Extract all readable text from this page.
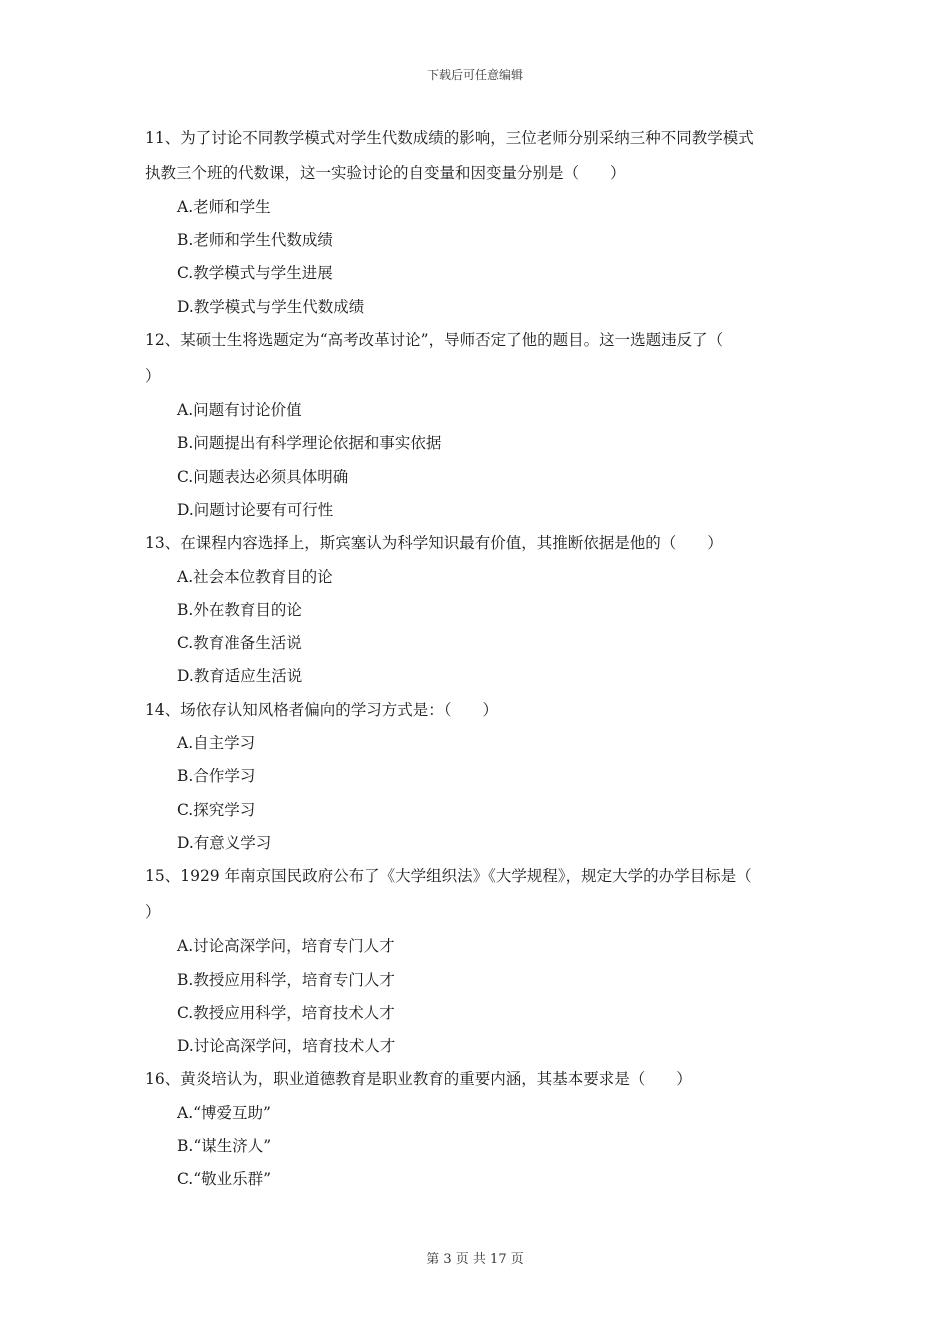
下载后可任意编辑
11、为了讨论不同教学模式对学生代数成绩的影响，三位老师分别采纳三种不同教学模式
执教三个班的代数课，这一实验讨论的自变量和因变量分别是（　　）
A.老师和学生
B.老师和学生代数成绩
C.教学模式与学生进展
D.教学模式与学生代数成绩
12、某硕士生将选题定为“高考改革讨论”，导师否定了他的题目。这一选题违反了（
）
A.问题有讨论价值
B.问题提出有科学理论依据和事实依据
C.问题表达必须具体明确
D.问题讨论要有可行性
13、在课程内容选择上，斯宾塞认为科学知识最有价值，其推断依据是他的（　　）
A.社会本位教育目的论
B.外在教育目的论
C.教育准备生活说
D.教育适应生活说
14、场依存认知风格者偏向的学习方式是：（　　）
A.自主学习
B.合作学习
C.探究学习
D.有意义学习
15、1929 年南京国民政府公布了《大学组织法》《大学规程》，规定大学的办学目标是（
）
A.讨论高深学问，培育专门人才
B.教授应用科学，培育专门人才
C.教授应用科学，培育技术人才
D.讨论高深学问，培育技术人才
16、黄炎培认为，职业道德教育是职业教育的重要内涵，其基本要求是（　　）
A.“博爱互助”
B.“谋生济人”
C.“敬业乐群”
第 3 页 共 17 页
